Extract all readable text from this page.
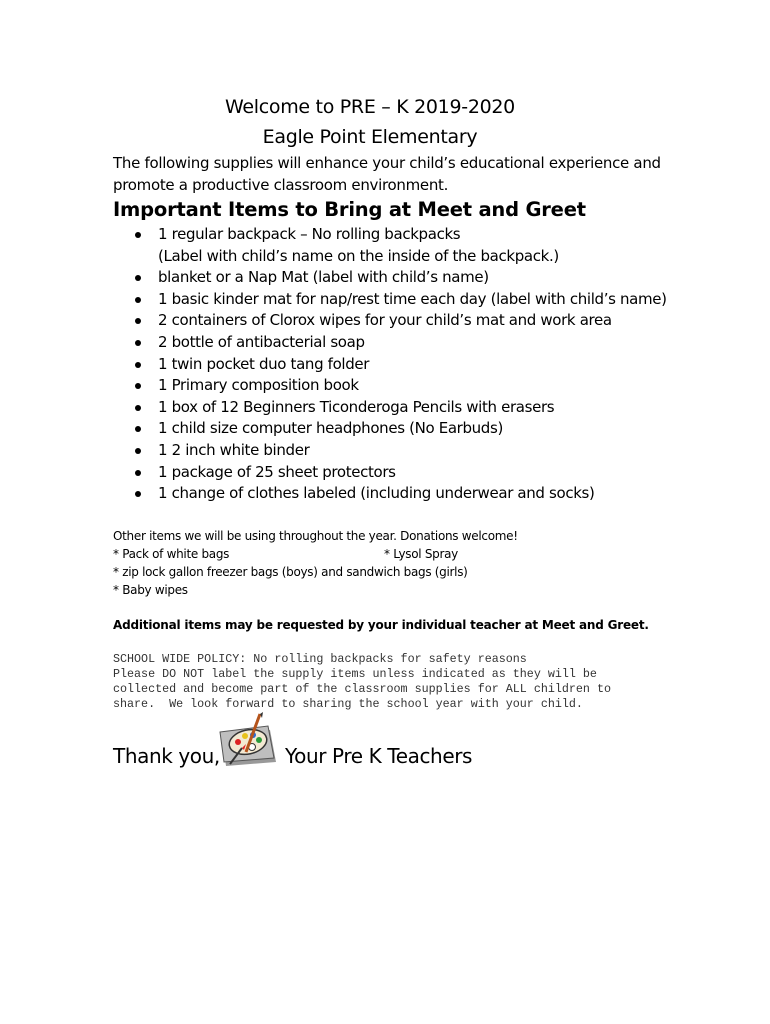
Welcome to PRE – K 2019-2020
Eagle Point Elementary

The following supplies will enhance your child’s educational experience and
promote a productive classroom environment.

Important Items to Bring at Meet and Greet
1 regular backpack – No rolling backpacks
(Label with child’s name on the inside of the backpack.)
blanket or a Nap Mat (label with child’s name)
1 basic kinder mat for nap/rest time each day (label with child’s name)
2 containers of Clorox wipes for your child’s mat and work area
2 bottle of antibacterial soap
1 twin pocket duo tang folder
1 Primary composition book
1 box of 12 Beginners Ticonderoga Pencils with erasers
1 child size computer headphones (No Earbuds)
1 2 inch white binder
1 package of 25 sheet protectors
1 change of clothes labeled (including underwear and socks)
Other items we will be using throughout the year. Donations welcome!
* Pack of white bags	* Lysol Spray
* zip lock gallon freezer bags (boys) and sandwich bags (girls)
* Baby wipes

Additional items may be requested by your individual teacher at Meet and Greet.

SCHOOL WIDE POLICY: No rolling backpacks for safety reasons
Please DO NOT label the supply items unless indicated as they will be
collected and become part of the classroom supplies for ALL children to
share.  We look forward to sharing the school year with your child.

Thank you,	Your Pre K Teachers
